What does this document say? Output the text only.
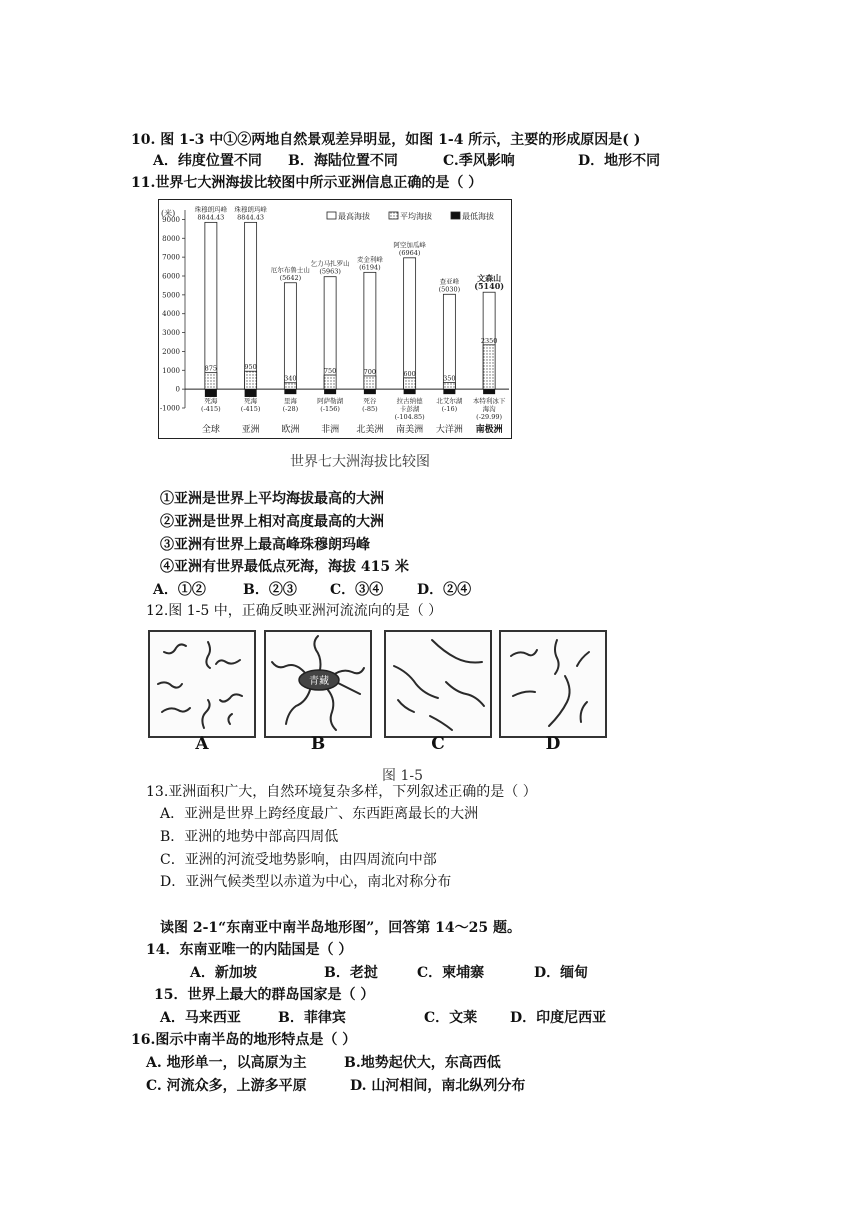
10. 图 1-3 中①②两地自然景观差异明显，如图 1-4 所示，主要的形成原因是( )
A．纬度位置不同 B．海陆位置不同	C.季风影响	D．地形不同
11.世界七大洲海拔比较图中所示亚洲信息正确的是（ ）
(米)
9000
8000
7000
6000
5000
4000
3000
2000
1000
0
-1000
最高海拔	平均海拔	最低海拔
875
珠穆朗玛峰
8844.43
死海
(-415)
全球
950
珠穆朗玛峰
8844.43
死海
(-415)
亚洲
340
厄尔布鲁士山
(5642)
里海
(-28)
欧洲
750
乞力马扎罗山
(5963)
阿萨勒湖
(-156)
非洲
700
麦金利峰
(6194)
死谷
(-85)
北美洲
600
阿空加瓜峰
(6964)
拉古纳德
卡彭湖
(-104.85)
南美洲
350
查亚峰
(5030)
北艾尔湖
(-16)
大洋洲
2350
文森山
(5140)
本特利冰下
海沟
(-29.99)
南极洲
世界七大洲海拔比较图
①亚洲是世界上平均海拔最高的大洲
②亚洲是世界上相对高度最高的大洲
③亚洲有世界上最高峰珠穆朗玛峰
④亚洲有世界最低点死海，海拔 415 米
A．①②	B．②③ C．③④ D．②④
12.图 1-5 中，正确反映亚洲河流流向的是（ ）
青藏
A	B	C	D
图 1-5
13.亚洲面积广大，自然环境复杂多样，下列叙述正确的是（ ）
A．亚洲是世界上跨经度最广、东西距离最长的大洲
B．亚洲的地势中部高四周低
C．亚洲的河流受地势影响，由四周流向中部
D．亚洲气候类型以赤道为中心，南北对称分布
读图 2-1“东南亚中南半岛地形图”，回答第 14～25 题。
14．东南亚唯一的内陆国是（ ）
A．新加坡	B．老挝	C．柬埔寨	D．缅甸
15．世界上最大的群岛国家是（ ）
A．马来西亚	B．菲律宾	C．文莱 D．印度尼西亚
16.图示中南半岛的地形特点是（ ）
A. 地形单一，以高原为主	B.地势起伏大，东高西低
C. 河流众多，上游多平原	D. 山河相间，南北纵列分布
